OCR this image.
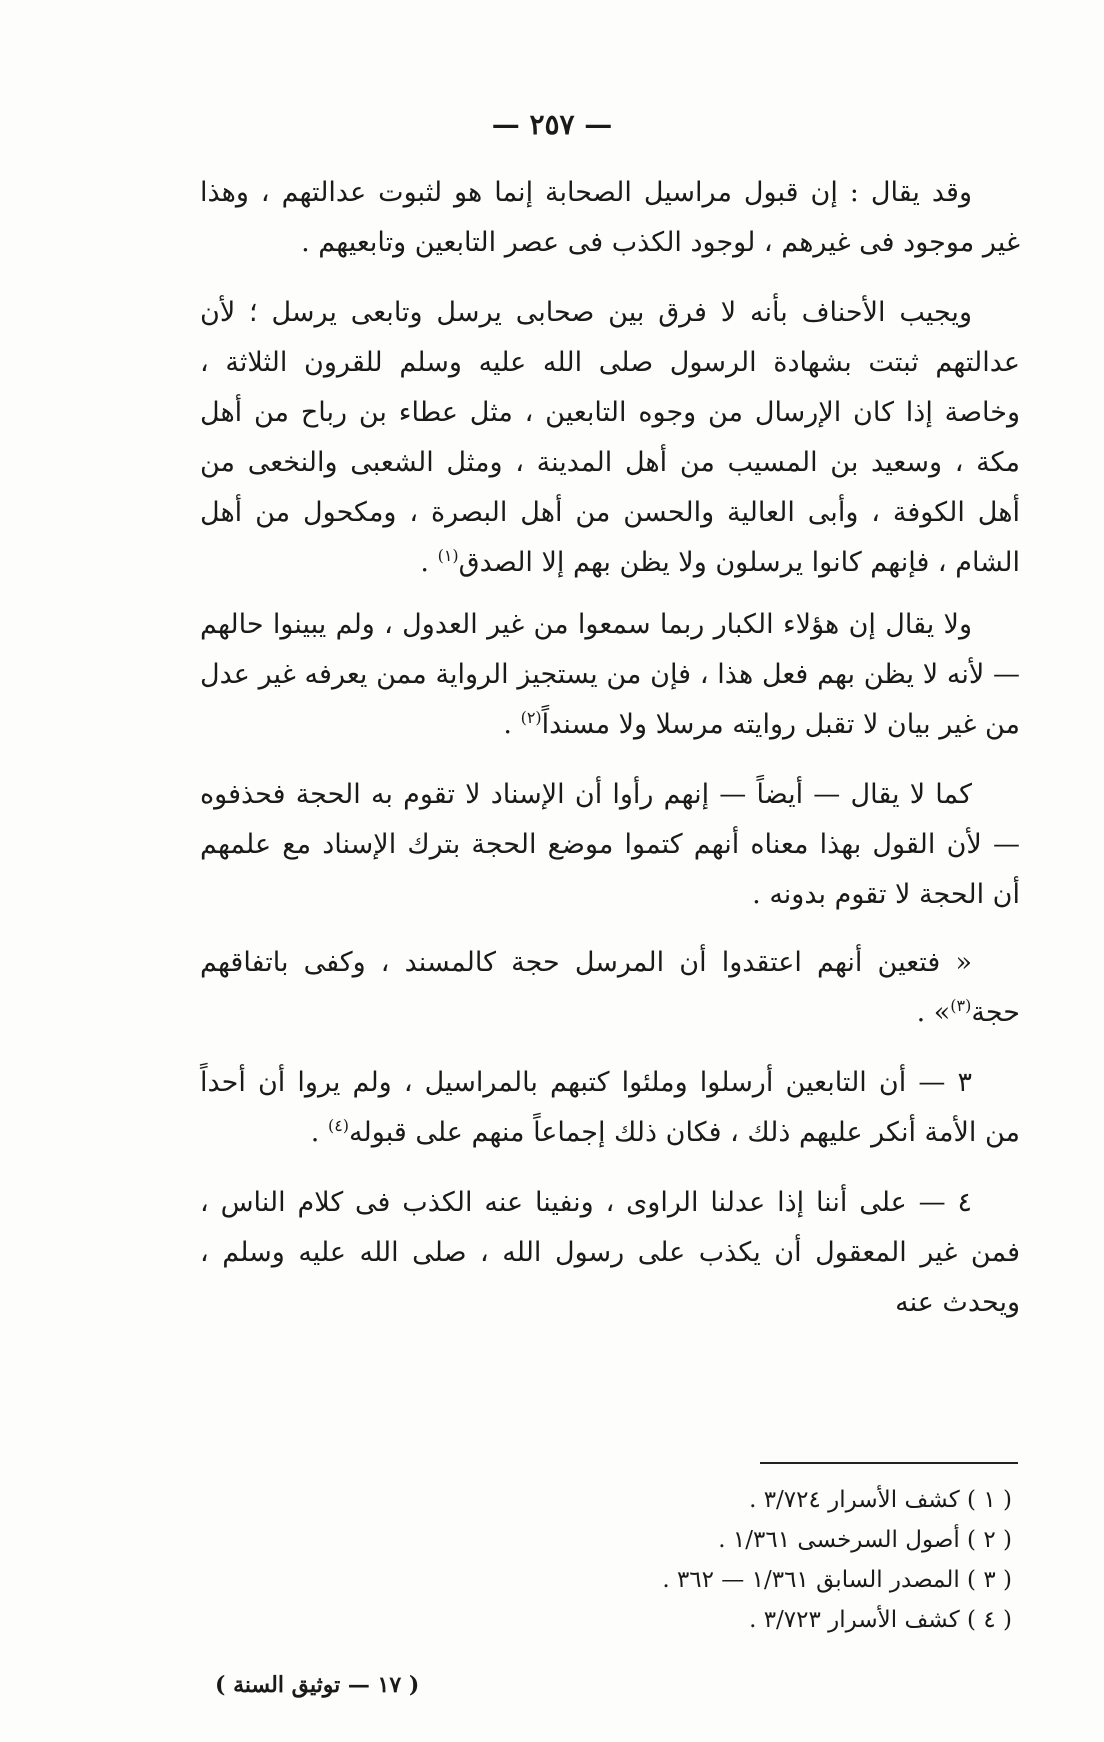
— ٢٥٧ —

وقد يقال : إن قبول مراسيل الصحابة إنما هو لثبوت عدالتهم ، وهذا غير موجود فى غيرهم ، لوجود الكذب فى عصر التابعين وتابعيهم .

ويجيب الأحناف بأنه لا فرق بين صحابى يرسل وتابعى يرسل ؛ لأن عدالتهم ثبتت بشهادة الرسول صلى الله عليه وسلم للقرون الثلاثة ، وخاصة إذا كان الإرسال من وجوه التابعين ، مثل عطاء بن رباح من أهل مكة ، وسعيد بن المسيب من أهل المدينة ، ومثل الشعبى والنخعى من أهل الكوفة ، وأبى العالية والحسن من أهل البصرة ، ومكحول من أهل الشام ، فإنهم كانوا يرسلون ولا يظن بهم إلا الصدق$^{(١)}$ .

ولا يقال إن هؤلاء الكبار ربما سمعوا من غير العدول ، ولم يبينوا حالهم — لأنه لا يظن بهم فعل هذا ، فإن من يستجيز الرواية ممن يعرفه غير عدل من غير بيان لا تقبل روايته مرسلا ولا مسنداً$^{(٢)}$ .

كما لا يقال — أيضاً — إنهم رأوا أن الإسناد لا تقوم به الحجة فحذفوه — لأن القول بهذا معناه أنهم كتموا موضع الحجة بترك الإسناد مع علمهم أن الحجة لا تقوم بدونه .

« فتعين أنهم اعتقدوا أن المرسل حجة كالمسند ، وكفى باتفاقهم حجة$^{(٣)}$» .

٣ — أن التابعين أرسلوا وملئوا كتبهم بالمراسيل ، ولم يروا أن أحداً من الأمة أنكر عليهم ذلك ، فكان ذلك إجماعاً منهم على قبوله$^{(٤)}$ .

٤ — على أننا إذا عدلنا الراوى ، ونفينا عنه الكذب فى كلام الناس ، فمن غير المعقول أن يكذب على رسول الله ، صلى الله عليه وسلم ، ويحدث عنه

( ١ ) كشف الأسرار ٣/٧٢٤ .
( ٢ ) أصول السرخسى ١/٣٦١ .
( ٣ ) المصدر السابق ١/٣٦١ — ٣٦٢ .
( ٤ ) كشف الأسرار ٣/٧٢٣ .
( ١٧ — توثيق السنة )
